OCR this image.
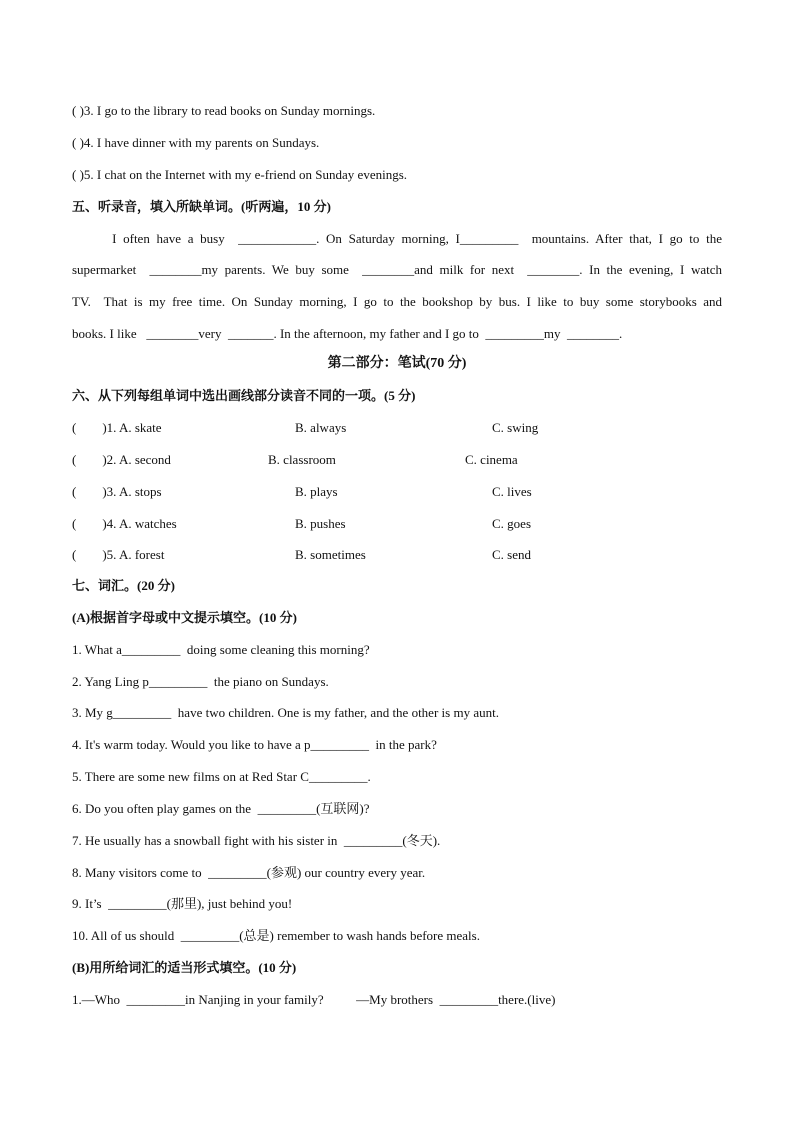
( )3. I go to the library to read books on Sunday mornings.
( )4. I have dinner with my parents on Sundays.
( )5. I chat on the Internet with my e-friend on Sunday evenings.
五、听录音，填入所缺单词。(听两遍，10 分)
I often have a busy  ____________. On Saturday morning, I_________  mountains. After that, I go to the
supermarket  ________my parents. We buy some  ________and milk for next  ________. In the evening, I watch
TV.  That is my free time. On Sunday morning, I go to the bookshop by bus. I like to buy some storybooks and
books. I like   ________very  _______. In the afternoon, my father and I go to  _________my  ________.
第二部分：笔试(70 分)
六、从下列每组单词中选出画线部分读音不同的一项。(5 分)
(        )1. A. skate	B. always	C. swing
(        )2. A. second	B. classroom	C. cinema
(        )3. A. stops	B. plays	C. lives
(        )4. A. watches	B. pushes	C. goes
(        )5. A. forest	B. sometimes	C. send
七、词汇。(20 分)
(A)根据首字母或中文提示填空。(10 分)
1. What a_________  doing some cleaning this morning?
2. Yang Ling p_________  the piano on Sundays.
3. My g_________  have two children. One is my father, and the other is my aunt.
4. It's warm today. Would you like to have a p_________  in the park?
5. There are some new films on at Red Star C_________.
6. Do you often play games on the  _________(互联网)?
7. He usually has a snowball fight with his sister in  _________(冬天).
8. Many visitors come to  _________(参观) our country every year.
9. It’s  _________(那里), just behind you!
10. All of us should  _________(总是) remember to wash hands before meals.
(B)用所给词汇的适当形式填空。(10 分)
1.—Who  _________in Nanjing in your family?          —My brothers  _________there.(live)
